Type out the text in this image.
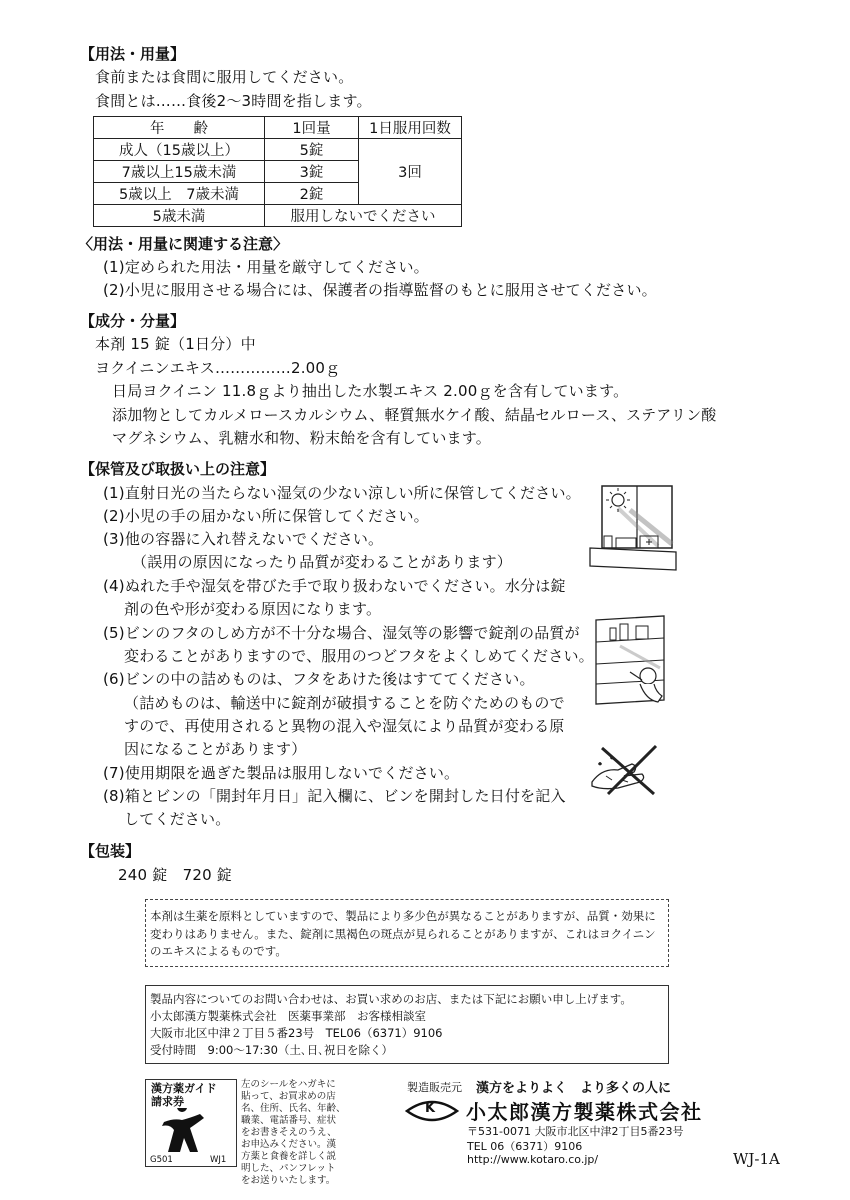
【用法・用量】
食前または食間に服用してください。
食間とは……食後2〜3時間を指します。
年　　齢	1回量	1日服用回数
成人（15歳以上）	5錠	3回
7歳以上15歳未満	3錠	
5歳以上　7歳未満	2錠	
5歳未満	服用しないでください	
〈用法・用量に関連する注意〉
(1)定められた用法・用量を厳守してください。
(2)小児に服用させる場合には、保護者の指導監督のもとに服用させてください。
【成分・分量】
本剤 15 錠（1日分）中
ヨクイニンエキス……………2.00ｇ
日局ヨクイニン 11.8ｇより抽出した水製エキス 2.00ｇを含有しています。
添加物としてカルメロースカルシウム、軽質無水ケイ酸、結晶セルロース、ステアリン酸
マグネシウム、乳糖水和物、粉末飴を含有しています。
【保管及び取扱い上の注意】
(1)直射日光の当たらない湿気の少ない涼しい所に保管してください。
(2)小児の手の届かない所に保管してください。
(3)他の容器に入れ替えないでください。
（誤用の原因になったり品質が変わることがあります）
(4)ぬれた手や湿気を帯びた手で取り扱わないでください。水分は錠
剤の色や形が変わる原因になります。
(5)ビンのフタのしめ方が不十分な場合、湿気等の影響で錠剤の品質が
変わることがありますので、服用のつどフタをよくしめてください。
(6)ビンの中の詰めものは、フタをあけた後はすててください。
（詰めものは、輸送中に錠剤が破損することを防ぐためのもので
すので、再使用されると異物の混入や湿気により品質が変わる原
因になることがあります）
(7)使用期限を過ぎた製品は服用しないでください。
(8)箱とビンの「開封年月日」記入欄に、ビンを開封した日付を記入
してください。
【包装】
240 錠　720 錠
本剤は生薬を原料としていますので、製品により多少色が異なることがありますが、品質・効果に
変わりはありません。また、錠剤に黒褐色の斑点が見られることがありますが、これはヨクイニン
のエキスによるものです。
製品内容についてのお問い合わせは、お買い求めのお店、または下記にお願い申し上げます。
小太郎漢方製薬株式会社　医薬事業部　お客様相談室
大阪市北区中津２丁目５番23号　TEL06（6371）9106
受付時間　9:00〜17:30（土､日､祝日を除く）
漢方薬ガイド
請求券
G501	WJ1
左のシールをハガキに
貼って、お買求めの店
名、住所、氏名、年齢、
職業、電話番号、症状
をお書きそえのうえ、
お申込みください。漢
方薬と食養を詳しく説
明した、パンフレット
をお送りいたします。
製造販売元 漢方をよりよく　より多くの人に
K 小太郎漢方製薬株式会社
〒531-0071 大阪市北区中津2丁目5番23号
TEL 06（6371）9106
http://www.kotaro.co.jp/	WJ-1A
